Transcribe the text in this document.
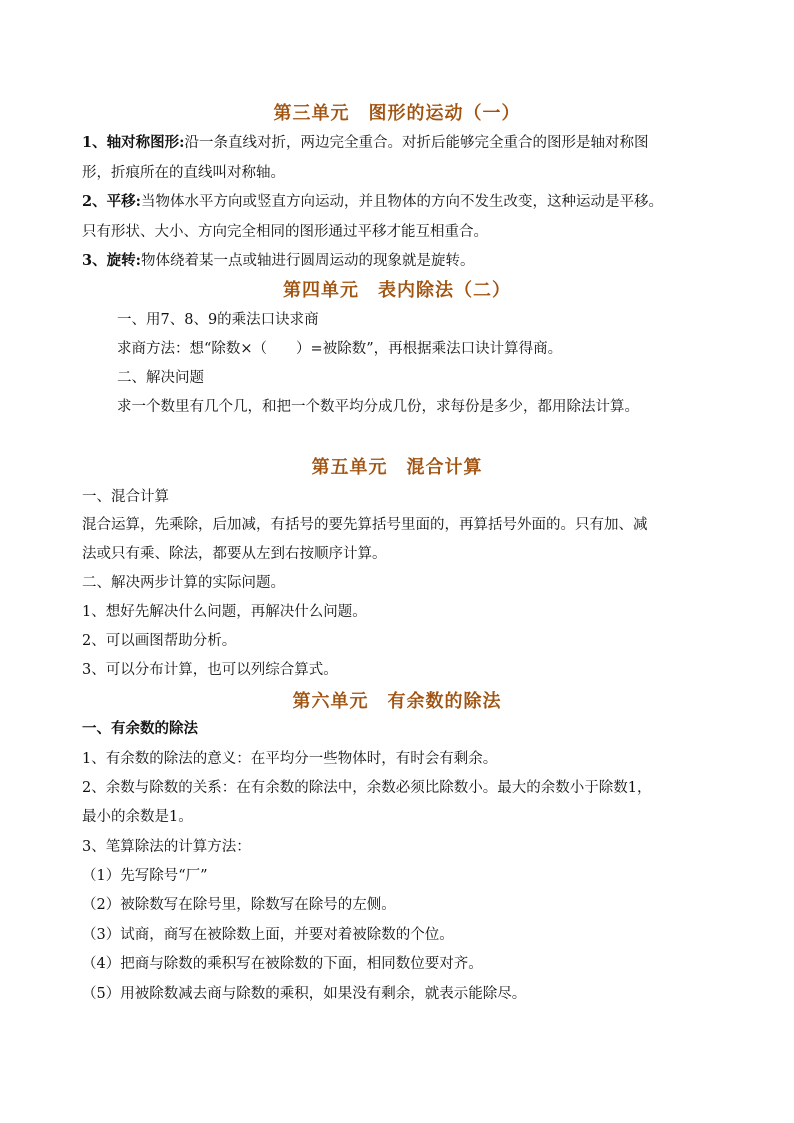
第三单元　图形的运动（一）
1、轴对称图形:沿一条直线对折，两边完全重合。对折后能够完全重合的图形是轴对称图
形，折痕所在的直线叫对称轴。
2、平移:当物体水平方向或竖直方向运动，并且物体的方向不发生改变，这种运动是平移。
只有形状、大小、方向完全相同的图形通过平移才能互相重合。
3、旋转:物体绕着某一点或轴进行圆周运动的现象就是旋转。
第四单元　表内除法（二）
一、用7、8、9的乘法口诀求商
求商方法：想“除数×（　　）=被除数”，再根据乘法口诀计算得商。
二、解决问题
求一个数里有几个几，和把一个数平均分成几份，求每份是多少，都用除法计算。
第五单元　混合计算
一、混合计算
混合运算，先乘除，后加减，有括号的要先算括号里面的，再算括号外面的。只有加、减
法或只有乘、除法，都要从左到右按顺序计算。
二、解决两步计算的实际问题。
1、想好先解决什么问题，再解决什么问题。
2、可以画图帮助分析。
3、可以分布计算，也可以列综合算式。
第六单元　有余数的除法
一、有余数的除法
1、有余数的除法的意义：在平均分一些物体时，有时会有剩余。
2、余数与除数的关系：在有余数的除法中，余数必须比除数小。最大的余数小于除数1，
最小的余数是1。
3、笔算除法的计算方法：
（1）先写除号“厂”
（2）被除数写在除号里，除数写在除号的左侧。
（3）试商，商写在被除数上面，并要对着被除数的个位。
（4）把商与除数的乘积写在被除数的下面，相同数位要对齐。
（5）用被除数减去商与除数的乘积，如果没有剩余，就表示能除尽。
